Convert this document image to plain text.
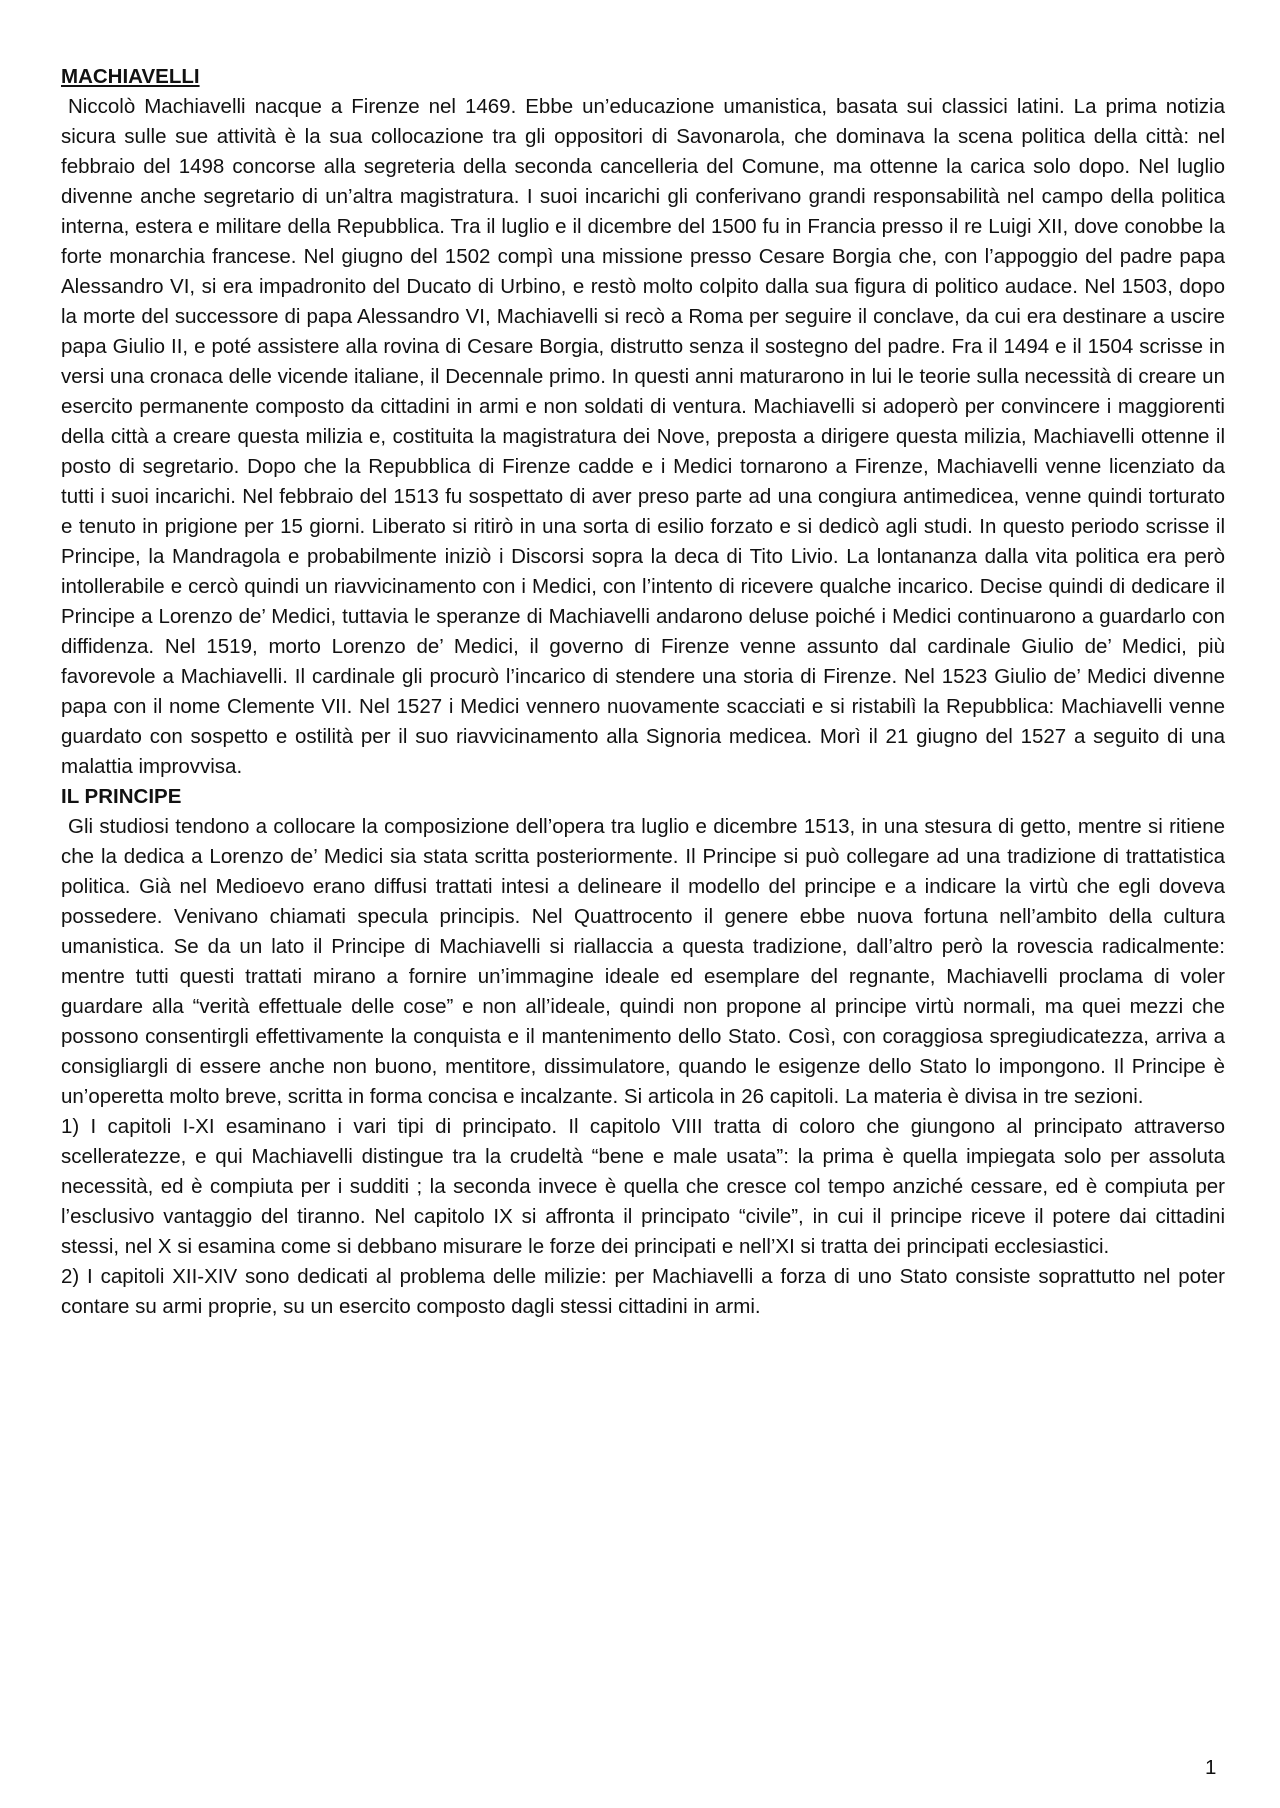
MACHIAVELLI

Niccolò Machiavelli nacque a Firenze nel 1469. Ebbe un’educazione umanistica, basata sui classici latini. La prima notizia sicura sulle sue attività è la sua collocazione tra gli oppositori di Savonarola, che dominava la scena politica della città: nel febbraio del 1498 concorse alla segreteria della seconda cancelleria del Comune, ma ottenne la carica solo dopo. Nel luglio divenne anche segretario di un’altra magistratura. I suoi incarichi gli conferivano grandi responsabilità nel campo della politica interna, estera e militare della Repubblica. Tra il luglio e il dicembre del 1500 fu in Francia presso il re Luigi XII, dove conobbe la forte monarchia francese. Nel giugno del 1502 compì una missione presso Cesare Borgia che, con l’appoggio del padre papa Alessandro VI, si era impadronito del Ducato di Urbino, e restò molto colpito dalla sua figura di politico audace. Nel 1503, dopo la morte del successore di papa Alessandro VI, Machiavelli si recò a Roma per seguire il conclave, da cui era destinare a uscire papa Giulio II, e poté assistere alla rovina di Cesare Borgia, distrutto senza il sostegno del padre. Fra il 1494 e il 1504 scrisse in versi una cronaca delle vicende italiane, il Decennale primo. In questi anni maturarono in lui le teorie sulla necessità di creare un esercito permanente composto da cittadini in armi e non soldati di ventura. Machiavelli si adoperò per convincere i maggiorenti della città a creare questa milizia e, costituita la magistratura dei Nove, preposta a dirigere questa milizia, Machiavelli ottenne il posto di segretario. Dopo che la Repubblica di Firenze cadde e i Medici tornarono a Firenze, Machiavelli venne licenziato da tutti i suoi incarichi. Nel febbraio del 1513 fu sospettato di aver preso parte ad una congiura antimedicea, venne quindi torturato e tenuto in prigione per 15 giorni. Liberato si ritirò in una sorta di esilio forzato e si dedicò agli studi. In questo periodo scrisse il Principe, la Mandragola e probabilmente iniziò i Discorsi sopra la deca di Tito Livio. La lontananza dalla vita politica era però intollerabile e cercò quindi un riavvicinamento con i Medici, con l’intento di ricevere qualche incarico. Decise quindi di dedicare il Principe a Lorenzo de’ Medici, tuttavia le speranze di Machiavelli andarono deluse poiché i Medici continuarono a guardarlo con diffidenza. Nel 1519, morto Lorenzo de’ Medici, il governo di Firenze venne assunto dal cardinale Giulio de’ Medici, più favorevole a Machiavelli. Il cardinale gli procurò l’incarico di stendere una storia di Firenze. Nel 1523 Giulio de’ Medici divenne papa con il nome Clemente VII. Nel 1527 i Medici vennero nuovamente scacciati e si ristabilì la Repubblica: Machiavelli venne guardato con sospetto e ostilità per il suo riavvicinamento alla Signoria medicea. Morì il 21 giugno del 1527 a seguito di una malattia improvvisa.

IL PRINCIPE

Gli studiosi tendono a collocare la composizione dell’opera tra luglio e dicembre 1513, in una stesura di getto, mentre si ritiene che la dedica a Lorenzo de’ Medici sia stata scritta posteriormente. Il Principe si può collegare ad una tradizione di trattatistica politica. Già nel Medioevo erano diffusi trattati intesi a delineare il modello del principe e a indicare la virtù che egli doveva possedere. Venivano chiamati specula principis. Nel Quattrocento il genere ebbe nuova fortuna nell’ambito della cultura umanistica. Se da un lato il Principe di Machiavelli si riallaccia a questa tradizione, dall’altro però la rovescia radicalmente: mentre tutti questi trattati mirano a fornire un’immagine ideale ed esemplare del regnante, Machiavelli proclama di voler guardare alla “verità effettuale delle cose” e non all’ideale, quindi non propone al principe virtù normali, ma quei mezzi che possono consentirgli effettivamente la conquista e il mantenimento dello Stato. Così, con coraggiosa spregiudicatezza, arriva a consigliargli di essere anche non buono, mentitore, dissimulatore, quando le esigenze dello Stato lo impongono. Il Principe è un’operetta molto breve, scritta in forma concisa e incalzante. Si articola in 26 capitoli. La materia è divisa in tre sezioni.

1) I capitoli I-XI esaminano i vari tipi di principato. Il capitolo VIII tratta di coloro che giungono al principato attraverso scelleratezze, e qui Machiavelli distingue tra la crudeltà “bene e male usata”: la prima è quella impiegata solo per assoluta necessità, ed è compiuta per i sudditi ; la seconda invece è quella che cresce col tempo anziché cessare, ed è compiuta per l’esclusivo vantaggio del tiranno. Nel capitolo IX si affronta il principato “civile”, in cui il principe riceve il potere dai cittadini stessi, nel X si esamina come si debbano misurare le forze dei principati e nell’XI si tratta dei principati ecclesiastici.

2) I capitoli XII-XIV sono dedicati al problema delle milizie: per Machiavelli a forza di uno Stato consiste soprattutto nel poter contare su armi proprie, su un esercito composto dagli stessi cittadini in armi.

1
